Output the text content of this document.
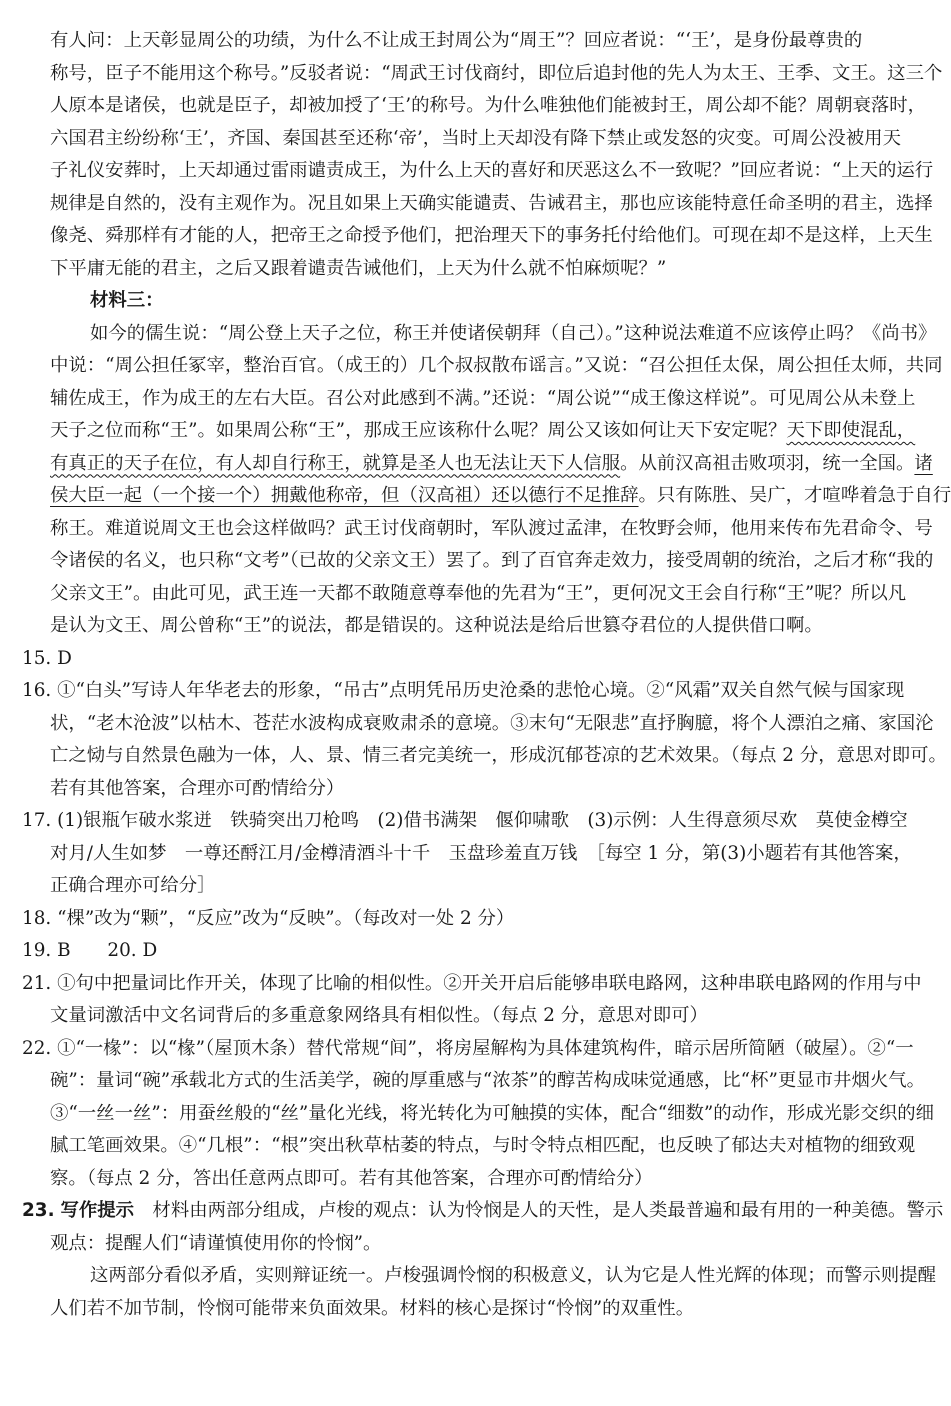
有人问：上天彰显周公的功绩，为什么不让成王封周公为“周王”？回应者说：“‘王’，是身份最尊贵的
称号，臣子不能用这个称号。”反驳者说：“周武王讨伐商纣，即位后追封他的先人为太王、王季、文王。这三个
人原本是诸侯，也就是臣子，却被加授了‘王’的称号。为什么唯独他们能被封王，周公却不能？周朝衰落时，
六国君主纷纷称‘王’，齐国、秦国甚至还称‘帝’，当时上天却没有降下禁止或发怒的灾变。可周公没被用天
子礼仪安葬时，上天却通过雷雨谴责成王，为什么上天的喜好和厌恶这么不一致呢？”回应者说：“上天的运行
规律是自然的，没有主观作为。况且如果上天确实能谴责、告诫君主，那也应该能特意任命圣明的君主，选择
像尧、舜那样有才能的人，把帝王之命授予他们，把治理天下的事务托付给他们。可现在却不是这样，上天生
下平庸无能的君主，之后又跟着谴责告诫他们，上天为什么就不怕麻烦呢？”
材料三：
如今的儒生说：“周公登上天子之位，称王并使诸侯朝拜（自己）。”这种说法难道不应该停止吗？《尚书》
中说：“周公担任冢宰，整治百官。（成王的）几个叔叔散布谣言。”又说：“召公担任太保，周公担任太师，共同
辅佐成王，作为成王的左右大臣。召公对此感到不满。”还说：“周公说”“成王像这样说”。可见周公从未登上
天子之位而称“王”。如果周公称“王”，那成王应该称什么呢？周公又该如何让天下安定呢？天下即使混乱，
有真正的天子在位，有人却自行称王，就算是圣人也无法让天下人信服。从前汉高祖击败项羽，统一全国。诸
侯大臣一起（一个接一个）拥戴他称帝，但（汉高祖）还以德行不足推辞。只有陈胜、吴广，才喧哗着急于自行
称王。难道说周文王也会这样做吗？武王讨伐商朝时，军队渡过孟津，在牧野会师，他用来传布先君命令、号
令诸侯的名义，也只称“文考”（已故的父亲文王）罢了。到了百官奔走效力，接受周朝的统治，之后才称“我的
父亲文王”。由此可见，武王连一天都不敢随意尊奉他的先君为“王”，更何况文王会自行称“王”呢？所以凡
是认为文王、周公曾称“王”的说法，都是错误的。这种说法是给后世篡夺君位的人提供借口啊。
15. D
16. ①“白头”写诗人年华老去的形象，“吊古”点明凭吊历史沧桑的悲怆心境。②“风霜”双关自然气候与国家现
状，“老木沧波”以枯木、苍茫水波构成衰败肃杀的意境。③末句“无限悲”直抒胸臆，将个人漂泊之痛、家国沦
亡之恸与自然景色融为一体，人、景、情三者完美统一，形成沉郁苍凉的艺术效果。（每点 2 分，意思对即可。
若有其他答案，合理亦可酌情给分）
17. (1)银瓶乍破水浆迸　铁骑突出刀枪鸣　(2)借书满架　偃仰啸歌　(3)示例：人生得意须尽欢　莫使金樽空
对月/人生如梦　一尊还酹江月/金樽清酒斗十千　玉盘珍羞直万钱　［每空 1 分，第(3)小题若有其他答案，
正确合理亦可给分］
18. “棵”改为“颗”，“反应”改为“反映”。（每改对一处 2 分）
19. B　　20. D
21. ①句中把量词比作开关，体现了比喻的相似性。②开关开启后能够串联电路网，这种串联电路网的作用与中
文量词激活中文名词背后的多重意象网络具有相似性。（每点 2 分，意思对即可）
22. ①“一椽”：以“椽”（屋顶木条）替代常规“间”，将房屋解构为具体建筑构件，暗示居所简陋（破屋）。②“一
碗”：量词“碗”承载北方式的生活美学，碗的厚重感与“浓茶”的醇苦构成味觉通感，比“杯”更显市井烟火气。
③“一丝一丝”：用蚕丝般的“丝”量化光线，将光转化为可触摸的实体，配合“细数”的动作，形成光影交织的细
腻工笔画效果。④“几根”：“根”突出秋草枯萎的特点，与时令特点相匹配，也反映了郁达夫对植物的细致观
察。（每点 2 分，答出任意两点即可。若有其他答案，合理亦可酌情给分）
23. 写作提示　材料由两部分组成，卢梭的观点：认为怜悯是人的天性，是人类最普遍和最有用的一种美德。警示
观点：提醒人们“请谨慎使用你的怜悯”。
这两部分看似矛盾，实则辩证统一。卢梭强调怜悯的积极意义，认为它是人性光辉的体现；而警示则提醒
人们若不加节制，怜悯可能带来负面效果。材料的核心是探讨“怜悯”的双重性。
